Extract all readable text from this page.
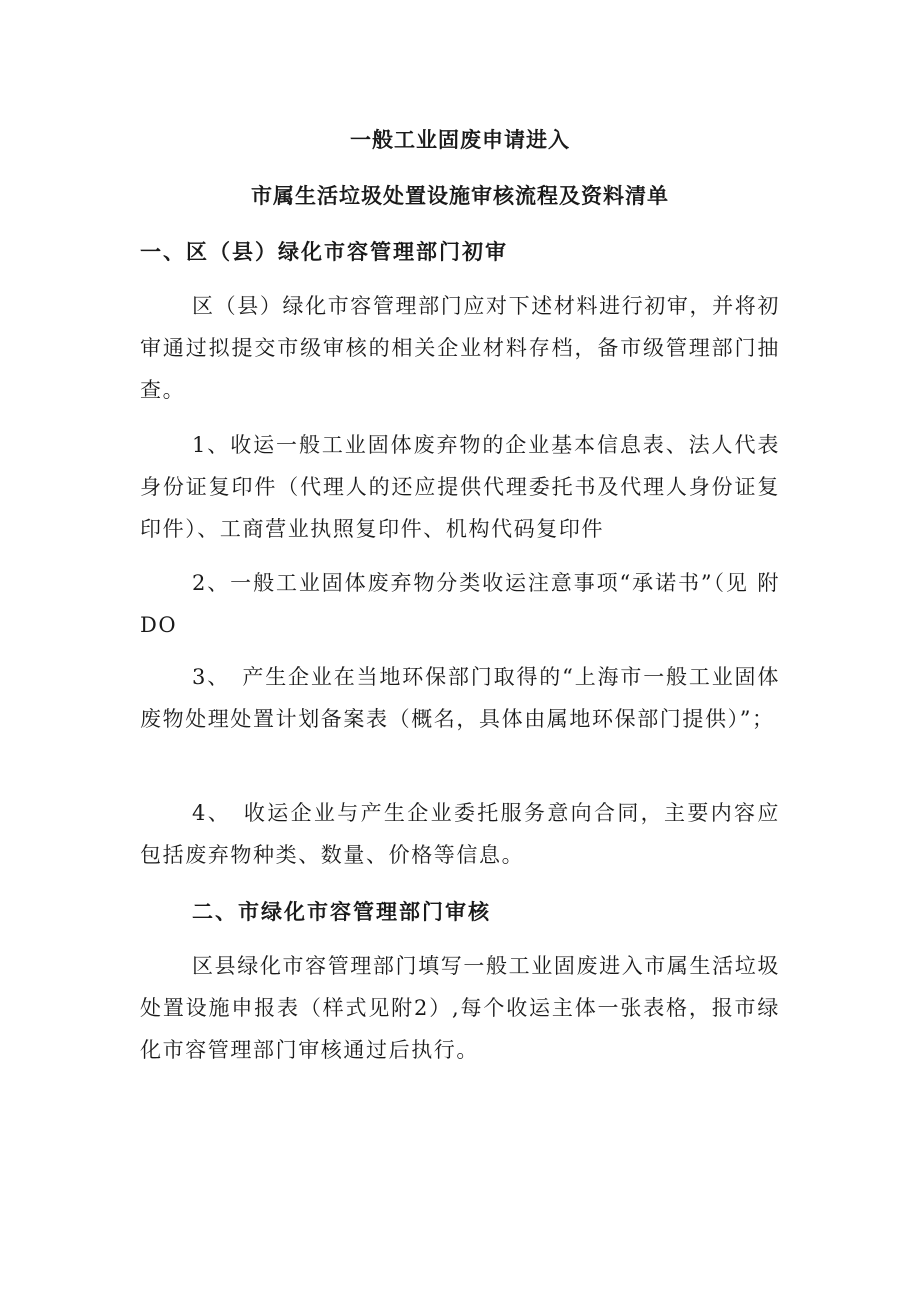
一般工业固废申请进入
市属生活垃圾处置设施审核流程及资料清单
一、区（县）绿化市容管理部门初审

区（县）绿化市容管理部门应对下述材料进行初审，并将初审通过拟提交市级审核的相关企业材料存档，备市级管理部门抽查。

1、收运一般工业固体废弃物的企业基本信息表、法人代表身份证复印件（代理人的还应提供代理委托书及代理人身份证复印件）、工商营业执照复印件、机构代码复印件

2、一般工业固体废弃物分类收运注意事项“承诺书”（见 附DO

3、　产生企业在当地环保部门取得的“上海市一般工业固体废物处理处置计划备案表（概名，具体由属地环保部门提供）”；

4、　收运企业与产生企业委托服务意向合同，主要内容应包括废弃物种类、数量、价格等信息。

二、市绿化市容管理部门审核

区县绿化市容管理部门填写一般工业固废进入市属生活垃圾处置设施申报表（样式见附2）,每个收运主体一张表格，报市绿化市容管理部门审核通过后执行。
